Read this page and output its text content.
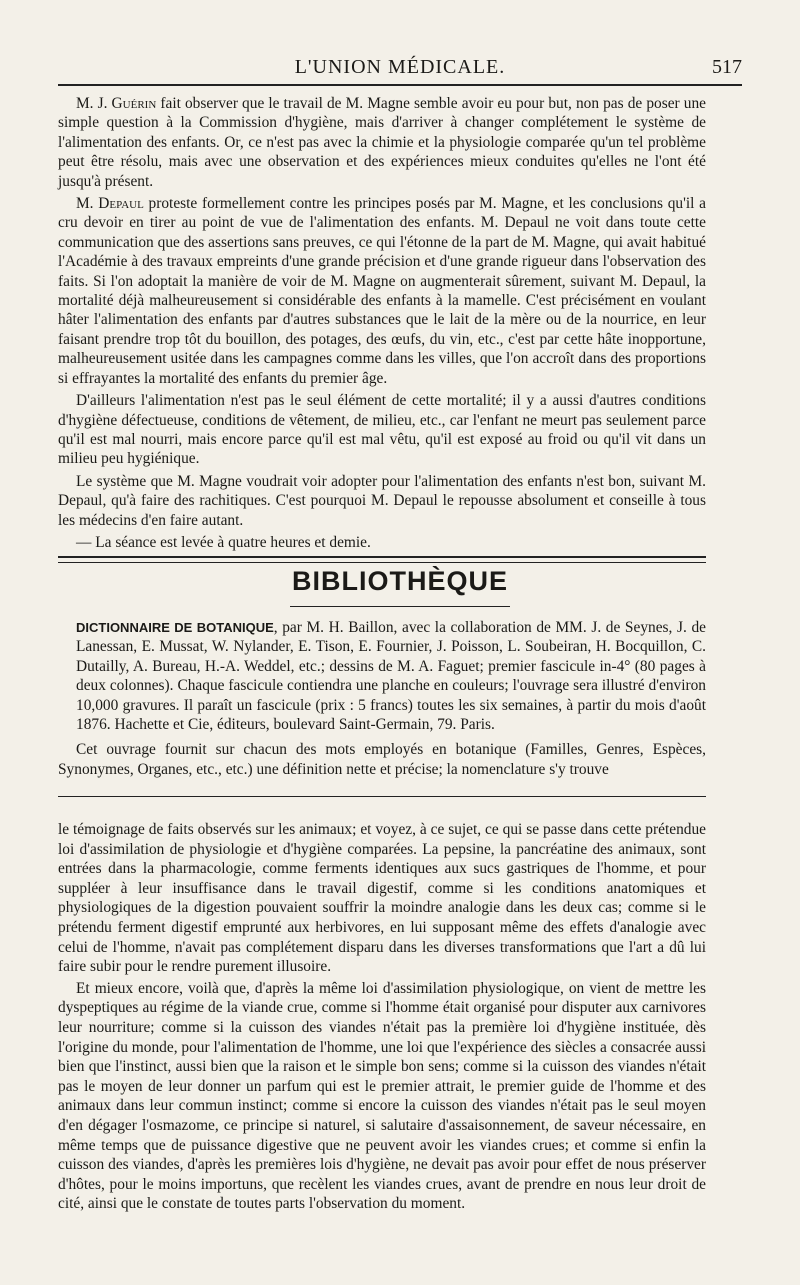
L'UNION MÉDICALE.	517

M. J. Guérin fait observer que le travail de M. Magne semble avoir eu pour but, non pas de poser une simple question à la Commission d'hygiène, mais d'arriver à changer complétement le système de l'alimentation des enfants. Or, ce n'est pas avec la chimie et la physiologie comparée qu'un tel problème peut être résolu, mais avec une observation et des expériences mieux conduites qu'elles ne l'ont été jusqu'à présent.

M. Depaul proteste formellement contre les principes posés par M. Magne, et les conclusions qu'il a cru devoir en tirer au point de vue de l'alimentation des enfants. M. Depaul ne voit dans toute cette communication que des assertions sans preuves, ce qui l'étonne de la part de M. Magne, qui avait habitué l'Académie à des travaux empreints d'une grande précision et d'une grande rigueur dans l'observation des faits. Si l'on adoptait la manière de voir de M. Magne on augmenterait sûrement, suivant M. Depaul, la mortalité déjà malheureusement si considérable des enfants à la mamelle. C'est précisément en voulant hâter l'alimentation des enfants par d'autres substances que le lait de la mère ou de la nourrice, en leur faisant prendre trop tôt du bouillon, des potages, des œufs, du vin, etc., c'est par cette hâte inopportune, malheureusement usitée dans les campagnes comme dans les villes, que l'on accroît dans des proportions si effrayantes la mortalité des enfants du premier âge.

D'ailleurs l'alimentation n'est pas le seul élément de cette mortalité; il y a aussi d'autres conditions d'hygiène défectueuse, conditions de vêtement, de milieu, etc., car l'enfant ne meurt pas seulement parce qu'il est mal nourri, mais encore parce qu'il est mal vêtu, qu'il est exposé au froid ou qu'il vit dans un milieu peu hygiénique.

Le système que M. Magne voudrait voir adopter pour l'alimentation des enfants n'est bon, suivant M. Depaul, qu'à faire des rachitiques. C'est pourquoi M. Depaul le repousse absolument et conseille à tous les médecins d'en faire autant.

— La séance est levée à quatre heures et demie.

BIBLIOTHÈQUE

DICTIONNAIRE DE BOTANIQUE, par M. H. Baillon, avec la collaboration de MM. J. de Seynes, J. de Lanessan, E. Mussat, W. Nylander, E. Tison, E. Fournier, J. Poisson, L. Soubeiran, H. Bocquillon, C. Dutailly, A. Bureau, H.-A. Weddel, etc.; dessins de M. A. Faguet; premier fascicule in-4° (80 pages à deux colonnes). Chaque fascicule contiendra une planche en couleurs; l'ouvrage sera illustré d'environ 10,000 gravures. Il paraît un fascicule (prix : 5 francs) toutes les six semaines, à partir du mois d'août 1876. Hachette et Cie, éditeurs, boulevard Saint-Germain, 79. Paris.

Cet ouvrage fournit sur chacun des mots employés en botanique (Familles, Genres, Espèces, Synonymes, Organes, etc., etc.) une définition nette et précise; la nomenclature s'y trouve

le témoignage de faits observés sur les animaux; et voyez, à ce sujet, ce qui se passe dans cette prétendue loi d'assimilation de physiologie et d'hygiène comparées. La pepsine, la pancréatine des animaux, sont entrées dans la pharmacologie, comme ferments identiques aux sucs gastriques de l'homme, et pour suppléer à leur insuffisance dans le travail digestif, comme si les conditions anatomiques et physiologiques de la digestion pouvaient souffrir la moindre analogie dans les deux cas; comme si le prétendu ferment digestif emprunté aux herbivores, en lui supposant même des effets d'analogie avec celui de l'homme, n'avait pas complétement disparu dans les diverses transformations que l'art a dû lui faire subir pour le rendre purement illusoire.

Et mieux encore, voilà que, d'après la même loi d'assimilation physiologique, on vient de mettre les dyspeptiques au régime de la viande crue, comme si l'homme était organisé pour disputer aux carnivores leur nourriture; comme si la cuisson des viandes n'était pas la première loi d'hygiène instituée, dès l'origine du monde, pour l'alimentation de l'homme, une loi que l'expérience des siècles a consacrée aussi bien que l'instinct, aussi bien que la raison et le simple bon sens; comme si la cuisson des viandes n'était pas le moyen de leur donner un parfum qui est le premier attrait, le premier guide de l'homme et des animaux dans leur commun instinct; comme si encore la cuisson des viandes n'était pas le seul moyen d'en dégager l'osmazome, ce principe si naturel, si salutaire d'assaisonnement, de saveur nécessaire, en même temps que de puissance digestive que ne peuvent avoir les viandes crues; et comme si enfin la cuisson des viandes, d'après les premières lois d'hygiène, ne devait pas avoir pour effet de nous préserver d'hôtes, pour le moins importuns, que recèlent les viandes crues, avant de prendre en nous leur droit de cité, ainsi que le constate de toutes parts l'observation du moment.
